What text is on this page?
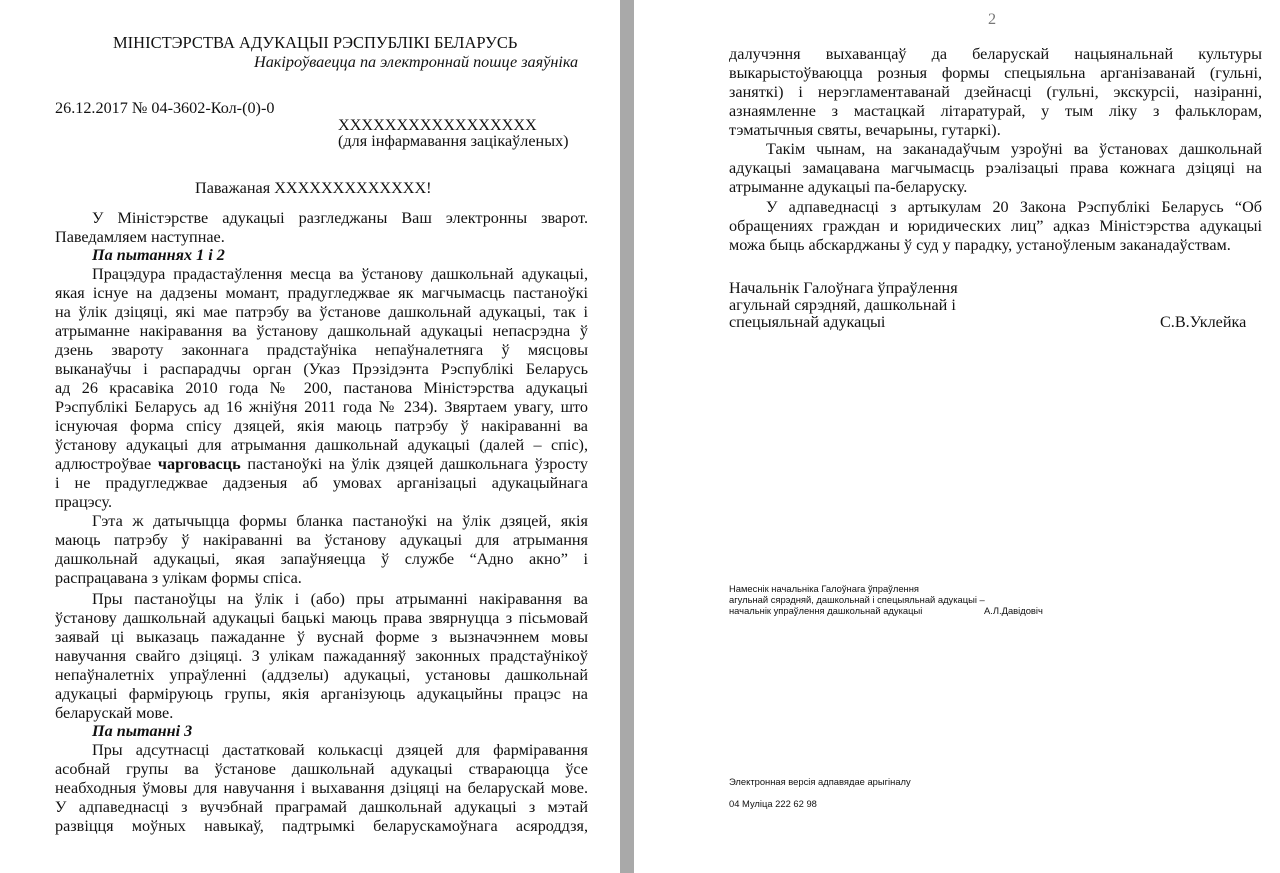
МІНІСТЭРСТВА АДУКАЦЫІ РЭСПУБЛІКІ БЕЛАРУСЬ
Накіроўваецца па электроннай пошце заяўніка
26.12.2017 № 04-3602-Кол-(0)-0
XXXXXXXXXXXXXXXXX
(для інфармавання зацікаўленых)
Паважаная XXXXXXXXXXXXX!
У Міністэрстве адукацыі разгледжаны Ваш электронны зварот.
Паведамляем наступнае.
Па пытаннях 1 і 2
Працэдура прадастаўлення месца ва ўстанову дашкольнай адукацыі,
якая існуе на дадзены момант, прадугледжвае як магчымасць пастаноўкі
на ўлік дзіцяці, які мае патрэбу ва ўстанове дашкольнай адукацыі, так і
атрыманне накіравання ва ўстанову дашкольнай адукацыі непасрэдна ў
дзень звароту законнага прадстаўніка непаўналетняга ў мясцовы
выканаўчы і распарадчы орган (Указ Прэзідэнта Рэспублікі Беларусь
ад 26 красавіка 2010 года № 200, пастанова Міністэрства адукацыі
Рэспублікі Беларусь ад 16 жніўня 2011 года № 234). Звяртаем увагу, што
існуючая форма спісу дзяцей, якія маюць патрэбу ў накіраванні ва
ўстанову адукацыі для атрымання дашкольнай адукацыі (далей – спіс),
адлюстроўвае чарговасць пастаноўкі на ўлік дзяцей дашкольнага ўзросту
і не прадугледжвае дадзеныя аб умовах арганізацыі адукацыйнага
працэсу.
Гэта ж датычыцца формы бланка пастаноўкі на ўлік дзяцей, якія
маюць патрэбу ў накіраванні ва ўстанову адукацыі для атрымання
дашкольнай адукацыі, якая запаўняецца ў службе “Адно акно” і
распрацавана з улікам формы спіса.
Пры пастаноўцы на ўлік і (або) пры атрыманні накіравання ва
ўстанову дашкольнай адукацыі бацькі маюць права звярнуцца з пісьмовай
заявай ці выказаць пажаданне ў вуснай форме з вызначэннем мовы
навучання свайго дзіцяці. З улікам пажаданняў законных прадстаўнікоў
непаўналетніх упраўленні (аддзелы) адукацыі, установы дашкольнай
адукацыі фарміруюць групы, якія арганізуюць адукацыйны працэс на
беларускай мове.
Па пытанні 3
Пры адсутнасці дастатковай колькасці дзяцей для фарміравання
асобнай групы ва ўстанове дашкольнай адукацыі ствараюцца ўсе
неабходныя ўмовы для навучання і выхавання дзіцяці на беларускай мове.
У адпаведнасці з вучэбнай праграмай дашкольнай адукацыі з мэтай
развіцця моўных навыкаў, падтрымкі беларускамоўнага асяроддзя,
2
далучэння выхаванцаў да беларускай нацыянальнай культуры
выкарыстоўваюцца розныя формы спецыяльна арганізаванай (гульні,
заняткі) і нерэгламентаванай дзейнасці (гульні, экскурсіі, назіранні,
азнаямленне з мастацкай літаратурай, у тым ліку з фальклорам,
тэматычныя святы, вечарыны, гутаркі).
Такім чынам, на заканадаўчым узроўні ва ўстановах дашкольнай
адукацыі замацавана магчымасць рэалізацыі права кожнага дзіцяці на
атрыманне адукацыі па-беларуску.
У адпаведнасці з артыкулам 20 Закона Рэспублікі Беларусь “Об
обращениях граждан и юридических лиц” адказ Міністэрства адукацыі
можа быць абскарджаны ў суд у парадку, устаноўленым заканадаўствам.
Начальнік Галоўнага ўпраўлення
агульнай сярэдняй, дашкольнай і
спецыяльнай адукацыі	С.В.Уклейка
Намеснік начальніка Галоўнага ўпраўлення
агульнай сярэдняй, дашкольнай і спецыяльнай адукацыі –
начальнік упраўлення дашкольнай адукацыі	А.Л.Давідовіч
Электронная версія адпавядае арыгіналу
04 Муліца 222 62 98
